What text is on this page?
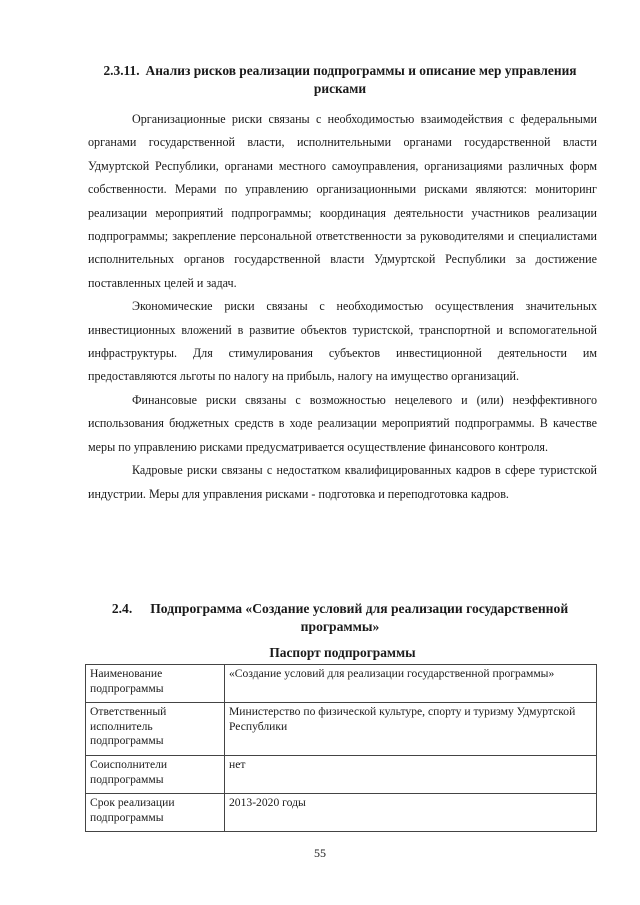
2.3.11. Анализ рисков реализации подпрограммы и описание мер управления рисками

Организационные риски связаны с необходимостью взаимодействия с федеральными органами государственной власти, исполнительными органами государственной власти Удмуртской Республики, органами местного самоуправления, организациями различных форм собственности. Мерами по управлению организационными рисками являются: мониторинг реализации мероприятий подпрограммы; координация деятельности участников реализации подпрограммы; закрепление персональной ответственности за руководителями и специалистами исполнительных органов государственной власти Удмуртской Республики за достижение поставленных целей и задач.

Экономические риски связаны с необходимостью осуществления значительных инвестиционных вложений в развитие объектов туристской, транспортной и вспомогательной инфраструктуры. Для стимулирования субъектов инвестиционной деятельности им предоставляются льготы по налогу на прибыль, налогу на имущество организаций.

Финансовые риски связаны с возможностью нецелевого и (или) неэффективного использования бюджетных средств в ходе реализации мероприятий подпрограммы. В качестве меры по управлению рисками предусматривается осуществление финансового контроля.

Кадровые риски связаны с недостатком квалифицированных кадров в сфере туристской индустрии. Меры для управления рисками - подготовка и переподготовка кадров.

2.4. Подпрограмма «Создание условий для реализации государственной программы»
Паспорт подпрограммы
Наименование подпрограммы	«Создание условий для реализации государственной программы»
Ответственный исполнитель подпрограммы	Министерство по физической культуре, спорту и туризму Удмуртской Республики
Соисполнители подпрограммы	нет
Срок реализации подпрограммы	2013-2020 годы

55
